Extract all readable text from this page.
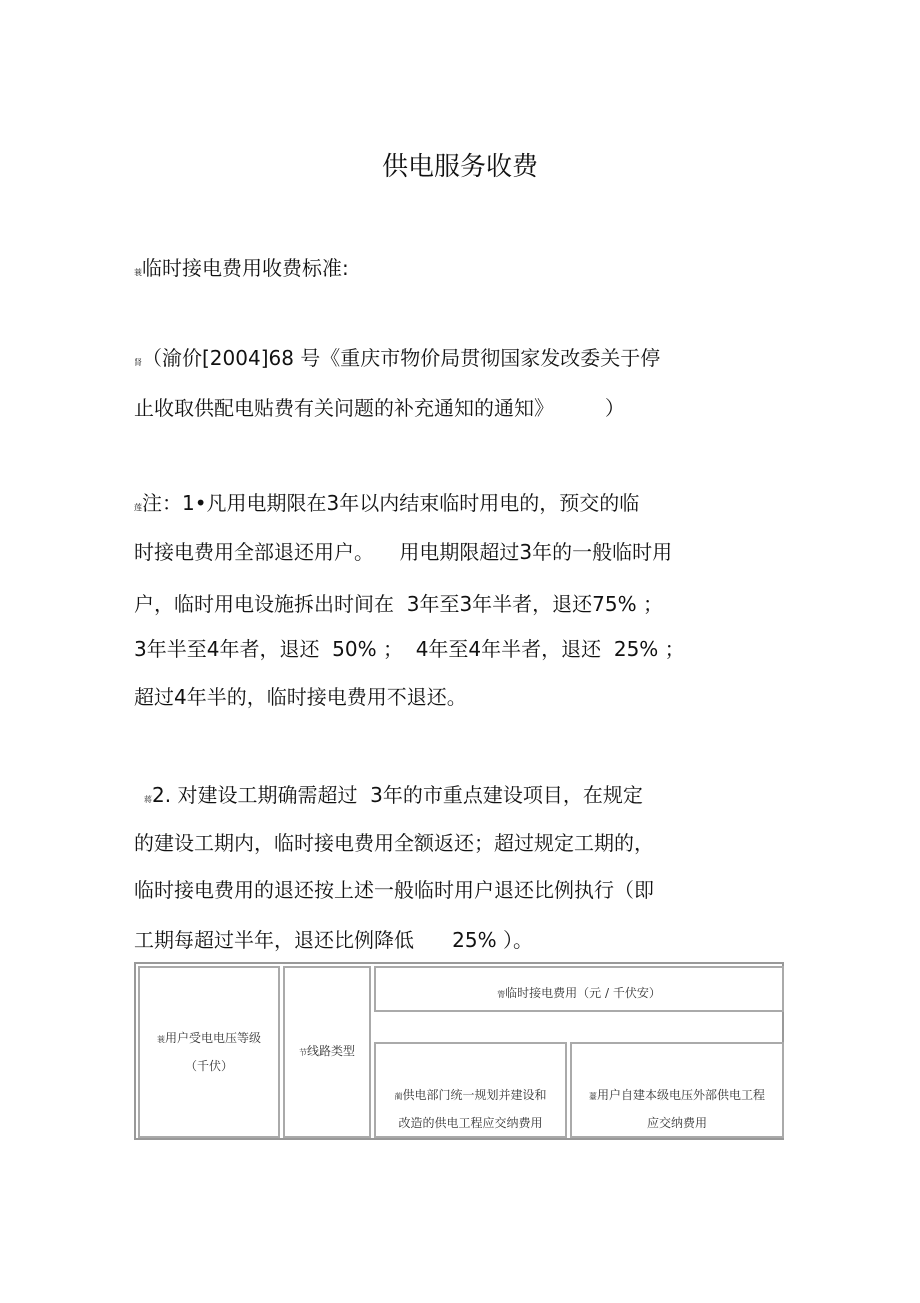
供电服务收费
蓑临时接电费用收费标准:
肾（渝价[2004]68 号《重庆市物价局贯彻国家发改委关于停
止收取供配电贴费有关问题的补充通知的通知》        ）
莲注：1•凡用电期限在3年以内结束临时用电的，预交的临
时接电费用全部退还用户。    用电期限超过3年的一般临时用
户，临时用电设施拆出时间在  3年至3年半者，退还75% ；
3年半至4年者，退还  50% ；  4年至4年半者，退还  25% ；
超过4年半的，临时接电费用不退还。
蒋2. 对建设工期确需超过  3年的市重点建设项目，在规定
的建设工期内，临时接电费用全额返还；超过规定工期的，
临时接电费用的退还按上述一般临时用户退还比例执行（即
工期每超过半年，退还比例降低      25% ）。
蓑用户受电电压等级
（千伏）
节线路类型
膂临时接电费用（元 / 千伏安）
蔺供电部门统一规划并建设和
改造的供电工程应交纳费用
薹用户自建本级电压外部供电工程
应交纳费用
